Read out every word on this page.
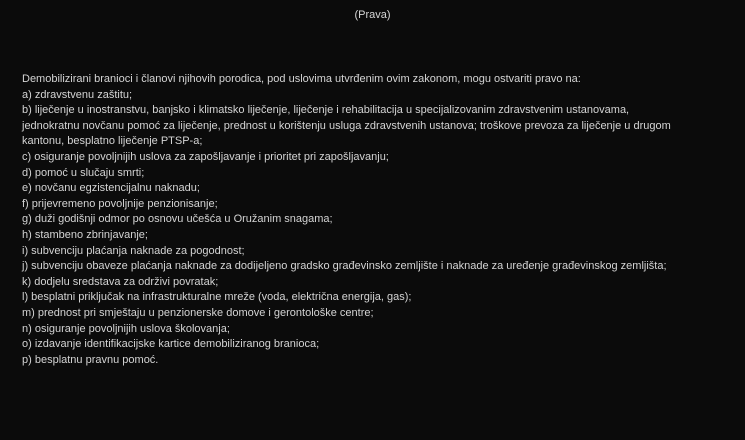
(Prava)

Demobilizirani branioci i članovi njihovih porodica, pod uslovima utvrđenim ovim zakonom, mogu ostvariti pravo na:

a) zdravstvenu zaštitu;

b) liječenje u inostranstvu, banjsko i klimatsko liječenje, liječenje i rehabilitacija u specijalizovanim zdravstvenim ustanovama,

jednokratnu novčanu pomoć za liječenje, prednost u korištenju usluga zdravstvenih ustanova; troškove prevoza za liječenje u drugom

kantonu, besplatno liječenje PTSP-a;

c) osiguranje povoljnijih uslova za zapošljavanje i prioritet pri zapošljavanju;

d) pomoć u slučaju smrti;

e) novčanu egzistencijalnu naknadu;

f) prijevremeno povoljnije penzionisanje;

g) duži godišnji odmor po osnovu učešća u Oružanim snagama;

h) stambeno zbrinjavanje;

i) subvenciju plaćanja naknade za pogodnost;

j) subvenciju obaveze plaćanja naknade za dodijeljeno gradsko građevinsko zemljište i naknade za uređenje građevinskog zemljišta;

k) dodjelu sredstava za održivi povratak;

l) besplatni priključak na infrastrukturalne mreže (voda, električna energija, gas);

m) prednost pri smještaju u penzionerske domove i gerontološke centre;

n) osiguranje povoljnijih uslova školovanja;

o) izdavanje identifikacijske kartice demobiliziranog branioca;

p) besplatnu pravnu pomoć.
